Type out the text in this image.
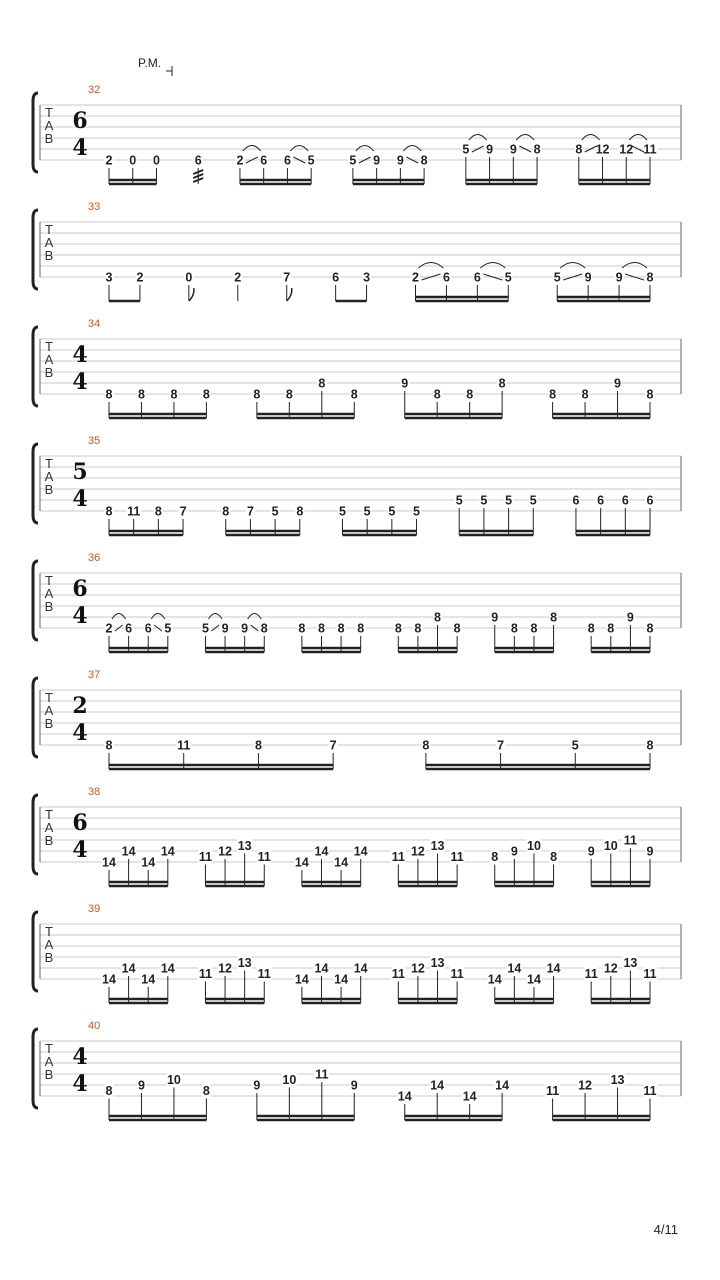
P.M.
T
A
B
32
6
4 2 0 0	6	2 6 6 5	5 9 9 8
5 9 9 8	8 12 12 11
T
A
B
33
3 2	0	2	7	6 3	2 6 6 5	5 9 9 8
T
A
B
34
4
4 8 8 8 8	8 8
8
8
9
8 8
8
8 8
9
8
T
A
B
35
5
4 8 11 8 7	8 7 5 8	5 5 5 5
5 5 5 5	6 6 6 6
T
A
B
36
6
4 2 6 6 5 5 9 9 8 8 8 8 8 8 8
8
8
9
8 8
8
8 8
9
8
T
A
B
37
2
4 8	11	8	7	8	7	5	8
T
A
B
38
6
4 14
14
14
14 11 12 13
11 14
14
14
14 11 12 13
11 8 9 10
8 9 10 11
9
T
A
B
39
14
14
14
14 11 12 13
11 14
14
14
14 11 12 13
11 14
14
14
14 11 12 13
11
T
A
B
40
4
4 8 9 10
8	9 10 11
9
14
14
14
14	11 12 13
11
4/11
